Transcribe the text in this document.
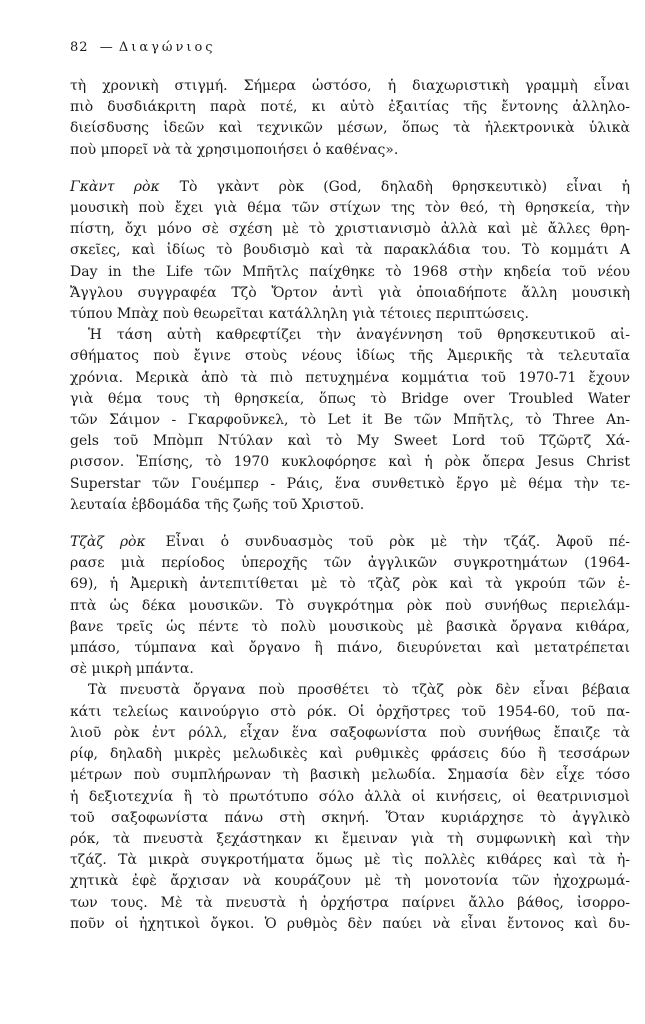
82 — Διαγώνιος
τὴ χρονικὴ στιγμή. Σήμερα ὡστόσο, ἡ διαχωριστικὴ γραμμὴ εἶναι
πιὸ δυσδιάκριτη παρὰ ποτέ, κι αὐτὸ ἐξαιτίας τῆς ἔντονης ἀλληλο-
διείσδυσης ἰδεῶν καὶ τεχνικῶν μέσων, ὅπως τὰ ἠλεκτρονικὰ ὑλικὰ
ποὺ μπορεῖ νὰ τὰ χρησιμοποιήσει ὁ καθένας».
Γκὰντ ρὸκ Τὸ γκὰντ ρὸκ (God, δηλαδὴ θρησκευτικὸ) εἶναι ἡ
μουσικὴ ποὺ ἔχει γιὰ θέμα τῶν στίχων της τὸν θεό, τὴ θρησκεία, τὴν
πίστη, ὄχι μόνο σὲ σχέση μὲ τὸ χριστιανισμὸ ἀλλὰ καὶ μὲ ἄλλες θρη-
σκεῖες, καὶ ἰδίως τὸ βουδισμὸ καὶ τὰ παρακλάδια του. Τὸ κομμάτι A
Day in the Life τῶν Μπῆτλς παίχθηκε τὸ 1968 στὴν κηδεία τοῦ νέου
Ἄγγλου συγγραφέα Τζὸ Ὄρτον ἀντὶ γιὰ ὁποιαδήποτε ἄλλη μουσικὴ
τύπου Μπὰχ ποὺ θεωρεῖται κατάλληλη γιὰ τέτοιες περιπτώσεις.
Ἡ τάση αὐτὴ καθρεφτίζει τὴν ἀναγέννηση τοῦ θρησκευτικοῦ αἰ-
σθήματος ποὺ ἔγινε στοὺς νέους ἰδίως τῆς Ἀμερικῆς τὰ τελευταῖα
χρόνια. Μερικὰ ἀπὸ τὰ πιὸ πετυχημένα κομμάτια τοῦ 1970-71 ἔχουν
γιὰ θέμα τους τὴ θρησκεία, ὅπως τὸ Bridge over Troubled Water
τῶν Σάιμον - Γκαρφοῦνκελ, τὸ Let it Be τῶν Μπῆτλς, τὸ Three An-
gels τοῦ Μπὸμπ Ντύλαν καὶ τὸ My Sweet Lord τοῦ Τζῶρτζ Χά-
ρισσον. Ἐπίσης, τὸ 1970 κυκλοφόρησε καὶ ἡ ρὸκ ὄπερα Jesus Christ
Superstar τῶν Γουέμπερ - Ράις, ἕνα συνθετικὸ ἔργο μὲ θέμα τὴν τε-
λευταία ἑβδομάδα τῆς ζωῆς τοῦ Χριστοῦ.
Τζὰζ ρὸκ Εἶναι ὁ συνδυασμὸς τοῦ ρὸκ μὲ τὴν τζάζ. Ἀφοῦ πέ-
ρασε μιὰ περίοδος ὑπεροχῆς τῶν ἀγγλικῶν συγκροτημάτων (1964-
69), ἡ Ἀμερικὴ ἀντεπιτίθεται μὲ τὸ τζὰζ ρὸκ καὶ τὰ γκρούπ τῶν ἑ-
πτὰ ὡς δέκα μουσικῶν. Τὸ συγκρότημα ρὸκ ποὺ συνήθως περιελάμ-
βανε τρεῖς ὡς πέντε τὸ πολὺ μουσικοὺς μὲ βασικὰ ὄργανα κιθάρα,
μπάσο, τύμπανα καὶ ὄργανο ἢ πιάνο, διευρύνεται καὶ μετατρέπεται
σὲ μικρὴ μπάντα.
Τὰ πνευστὰ ὄργανα ποὺ προσθέτει τὸ τζὰζ ρὸκ δὲν εἶναι βέβαια
κάτι τελείως καινούργιο στὸ ρόκ. Οἱ ὀρχῆστρες τοῦ 1954-60, τοῦ πα-
λιοῦ ρὸκ ἐντ ρόλλ, εἶχαν ἕνα σαξοφωνίστα ποὺ συνήθως ἔπαιζε τὰ
ρίφ, δηλαδὴ μικρὲς μελωδικὲς καὶ ρυθμικὲς φράσεις δύο ἢ τεσσάρων
μέτρων ποὺ συμπλήρωναν τὴ βασικὴ μελωδία. Σημασία δὲν εἶχε τόσο
ἡ δεξιοτεχνία ἢ τὸ πρωτότυπο σόλο ἀλλὰ οἱ κινήσεις, οἱ θεατρινισμοὶ
τοῦ σαξοφωνίστα πάνω στὴ σκηνή. Ὅταν κυριάρχησε τὸ ἀγγλικὸ
ρόκ, τὰ πνευστὰ ξεχάστηκαν κι ἔμειναν γιὰ τὴ συμφωνικὴ καὶ τὴν
τζάζ. Τὰ μικρὰ συγκροτήματα ὅμως μὲ τὶς πολλὲς κιθάρες καὶ τὰ ἠ-
χητικὰ ἐφὲ ἄρχισαν νὰ κουράζουν μὲ τὴ μονοτονία τῶν ἠχοχρωμά-
των τους. Μὲ τὰ πνευστὰ ἡ ὀρχήστρα παίρνει ἄλλο βάθος, ἰσορρο-
ποῦν οἱ ἠχητικοὶ ὄγκοι. Ὁ ρυθμὸς δὲν παύει νὰ εἶναι ἔντονος καὶ δυ-
